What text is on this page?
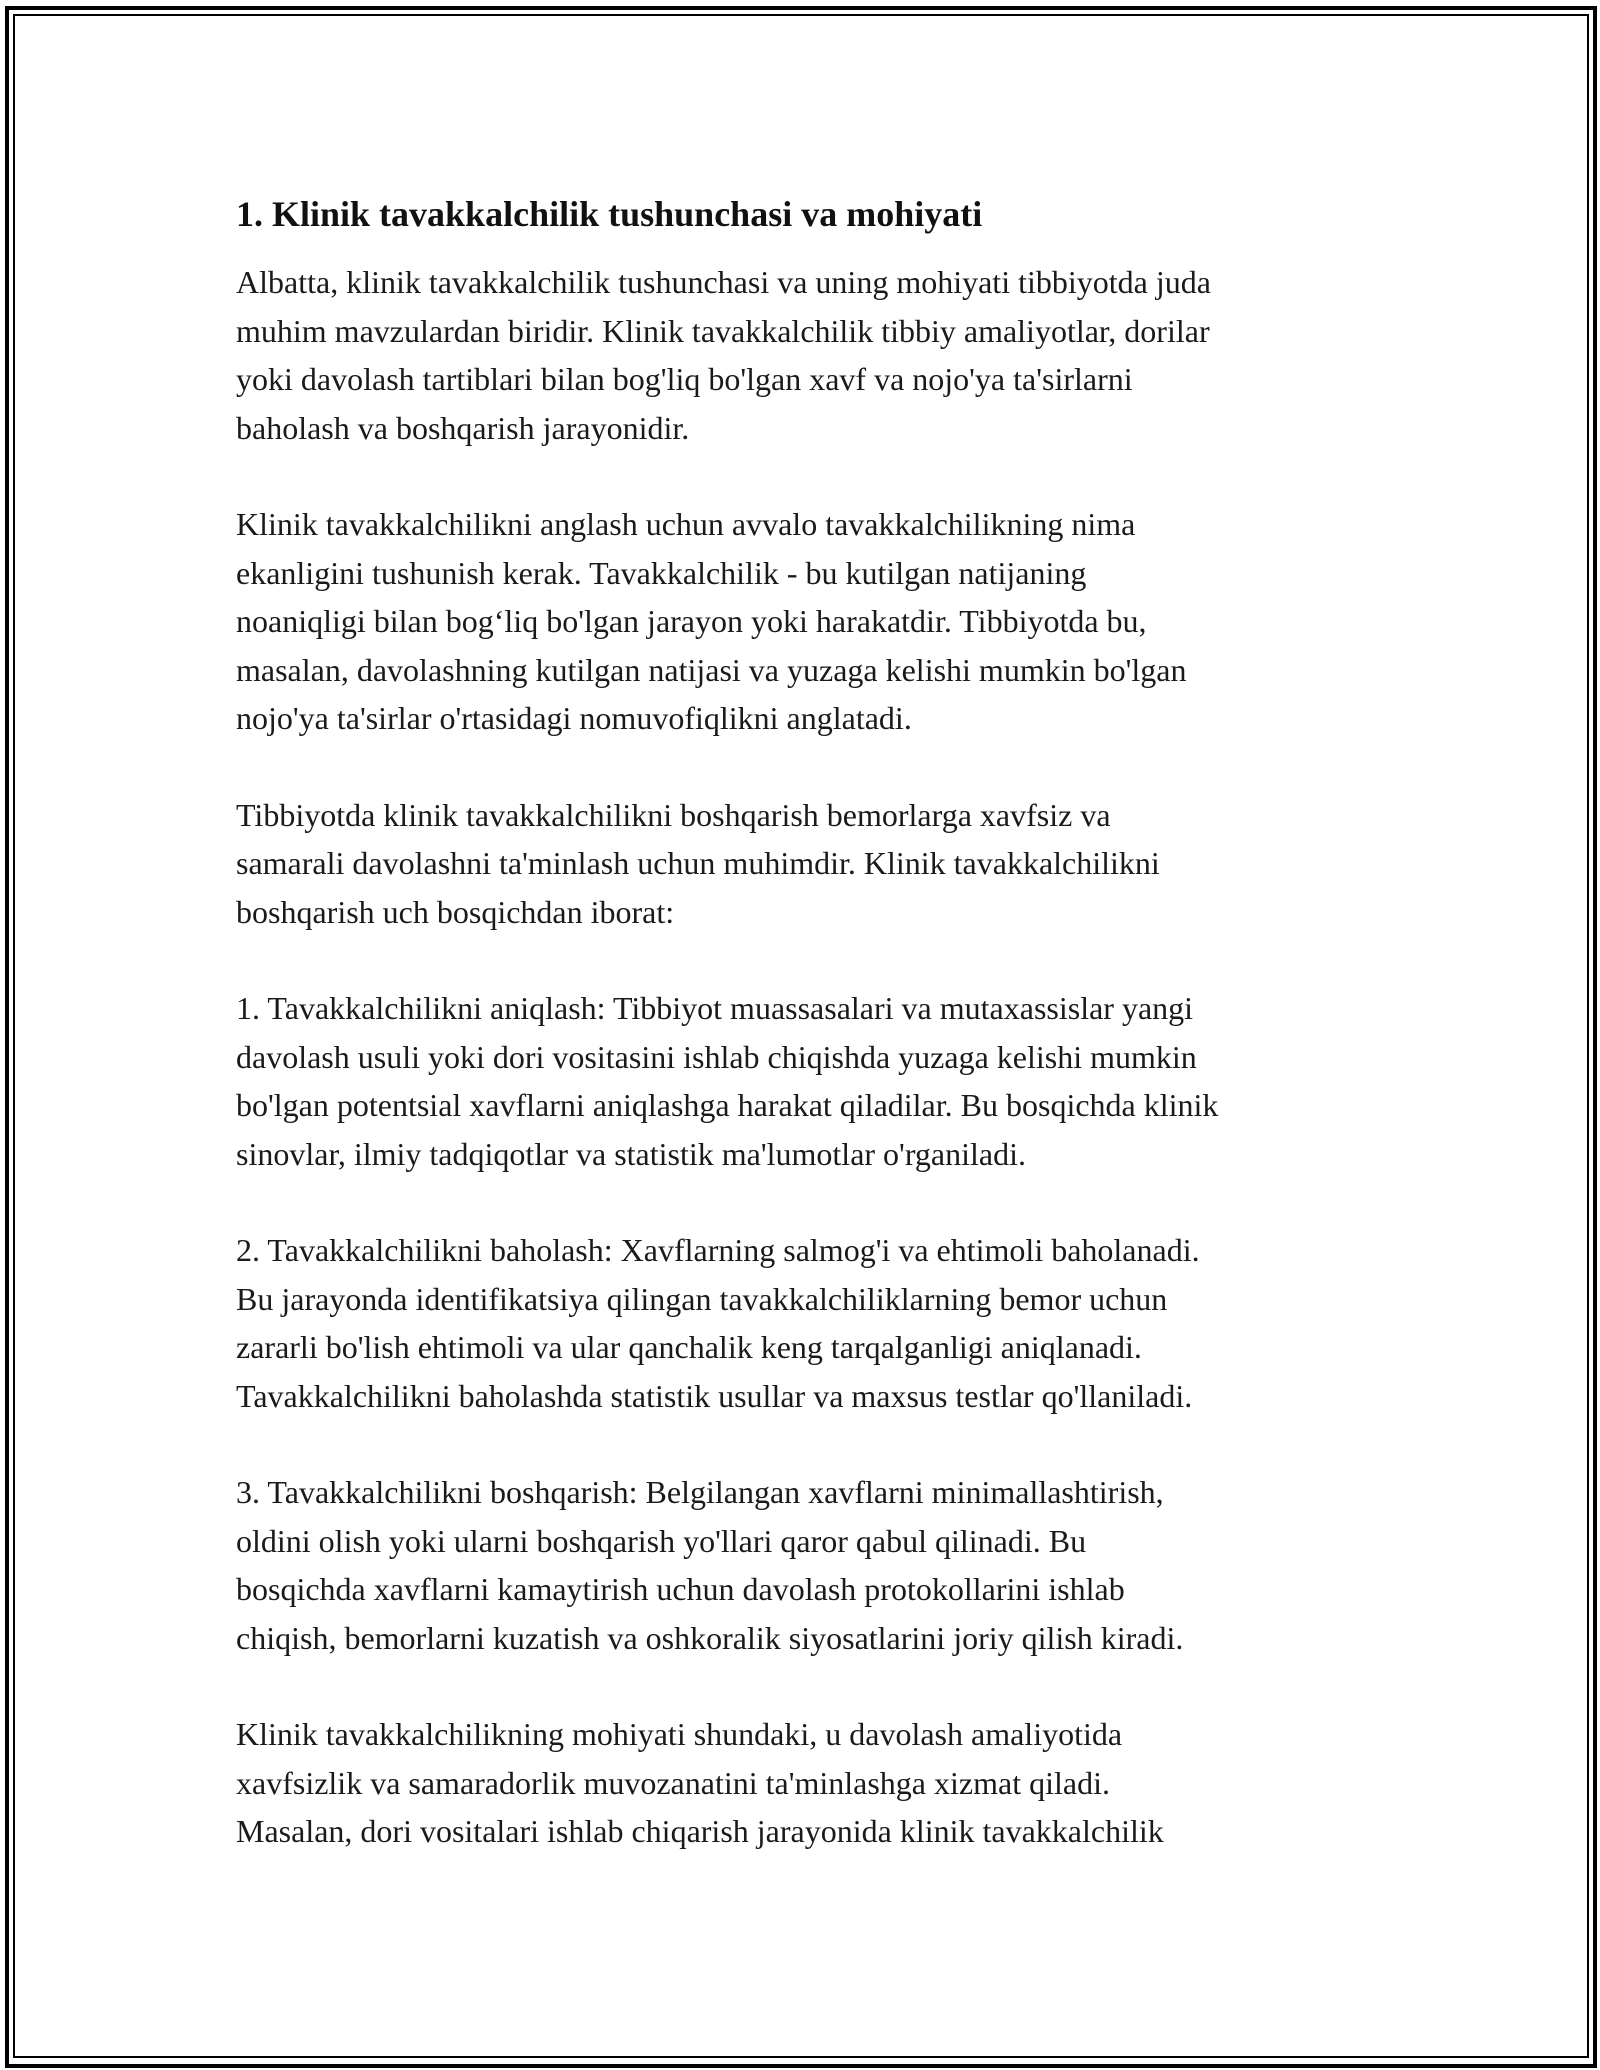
1. Klinik tavakkalchilik tushunchasi va mohiyati

Albatta, klinik tavakkalchilik tushunchasi va uning mohiyati tibbiyotda juda
muhim mavzulardan biridir. Klinik tavakkalchilik tibbiy amaliyotlar, dorilar
yoki davolash tartiblari bilan bog'liq bo'lgan xavf va nojo'ya ta'sirlarni
baholash va boshqarish jarayonidir.

Klinik tavakkalchilikni anglash uchun avvalo tavakkalchilikning nima
ekanligini tushunish kerak. Tavakkalchilik - bu kutilgan natijaning
noaniqligi bilan bog‘liq bo'lgan jarayon yoki harakatdir. Tibbiyotda bu,
masalan, davolashning kutilgan natijasi va yuzaga kelishi mumkin bo'lgan
nojo'ya ta'sirlar o'rtasidagi nomuvofiqlikni anglatadi.

Tibbiyotda klinik tavakkalchilikni boshqarish bemorlarga xavfsiz va
samarali davolashni ta'minlash uchun muhimdir. Klinik tavakkalchilikni
boshqarish uch bosqichdan iborat:

1. Tavakkalchilikni aniqlash: Tibbiyot muassasalari va mutaxassislar yangi
davolash usuli yoki dori vositasini ishlab chiqishda yuzaga kelishi mumkin
bo'lgan potentsial xavflarni aniqlashga harakat qiladilar. Bu bosqichda klinik
sinovlar, ilmiy tadqiqotlar va statistik ma'lumotlar o'rganiladi.

2. Tavakkalchilikni baholash: Xavflarning salmog'i va ehtimoli baholanadi.
Bu jarayonda identifikatsiya qilingan tavakkalchiliklarning bemor uchun
zararli bo'lish ehtimoli va ular qanchalik keng tarqalganligi aniqlanadi.
Tavakkalchilikni baholashda statistik usullar va maxsus testlar qo'llaniladi.

3. Tavakkalchilikni boshqarish: Belgilangan xavflarni minimallashtirish,
oldini olish yoki ularni boshqarish yo'llari qaror qabul qilinadi. Bu
bosqichda xavflarni kamaytirish uchun davolash protokollarini ishlab
chiqish, bemorlarni kuzatish va oshkoralik siyosatlarini joriy qilish kiradi.

Klinik tavakkalchilikning mohiyati shundaki, u davolash amaliyotida
xavfsizlik va samaradorlik muvozanatini ta'minlashga xizmat qiladi.
Masalan, dori vositalari ishlab chiqarish jarayonida klinik tavakkalchilik
